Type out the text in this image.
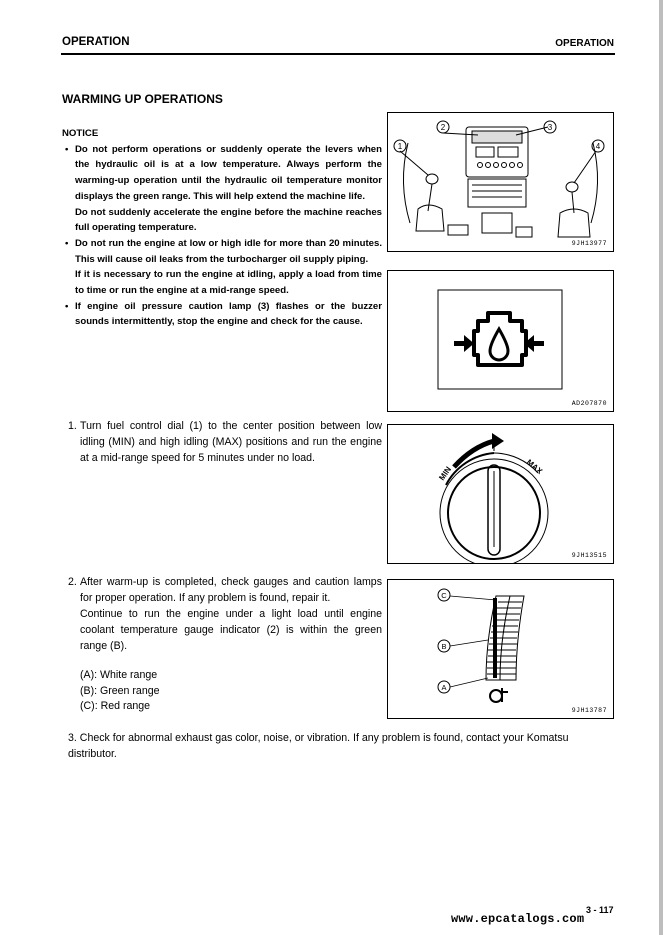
OPERATION	OPERATION
WARMING UP OPERATIONS
NOTICE
• Do not perform operations or suddenly operate the levers when the hydraulic oil is at a low temperature. Always perform the warming-up operation until the hydraulic oil temperature monitor displays the green range. This will help extend the machine life.
Do not suddenly accelerate the engine before the machine reaches full operating temperature.
• Do not run the engine at low or high idle for more than 20 minutes. This will cause oil leaks from the turbocharger oil supply piping.
If it is necessary to run the engine at idling, apply a load from time to time or run the engine at a mid-range speed.
• If engine oil pressure caution lamp (3) flashes or the buzzer sounds intermittently, stop the engine and check for the cause.
1
2	3
4
9JH13977
AD207870
1. Turn fuel control dial (1) to the center position between low idling (MIN) and high idling (MAX) positions and run the engine at a mid-range speed for 5 minutes under no load.
MIN	MAX
9JH13515
2. After warm-up is completed, check gauges and caution lamps for proper operation. If any problem is found, repair it.
Continue to run the engine under a light load until engine coolant temperature gauge indicator (2) is within the green range (B).
(A): White range
(B): Green range
(C): Red range
C
B
A
9JH13787
3. Check for abnormal exhaust gas color, noise, or vibration. If any problem is found, contact your Komatsu distributor.
3 - 117
www.epcatalogs.com
